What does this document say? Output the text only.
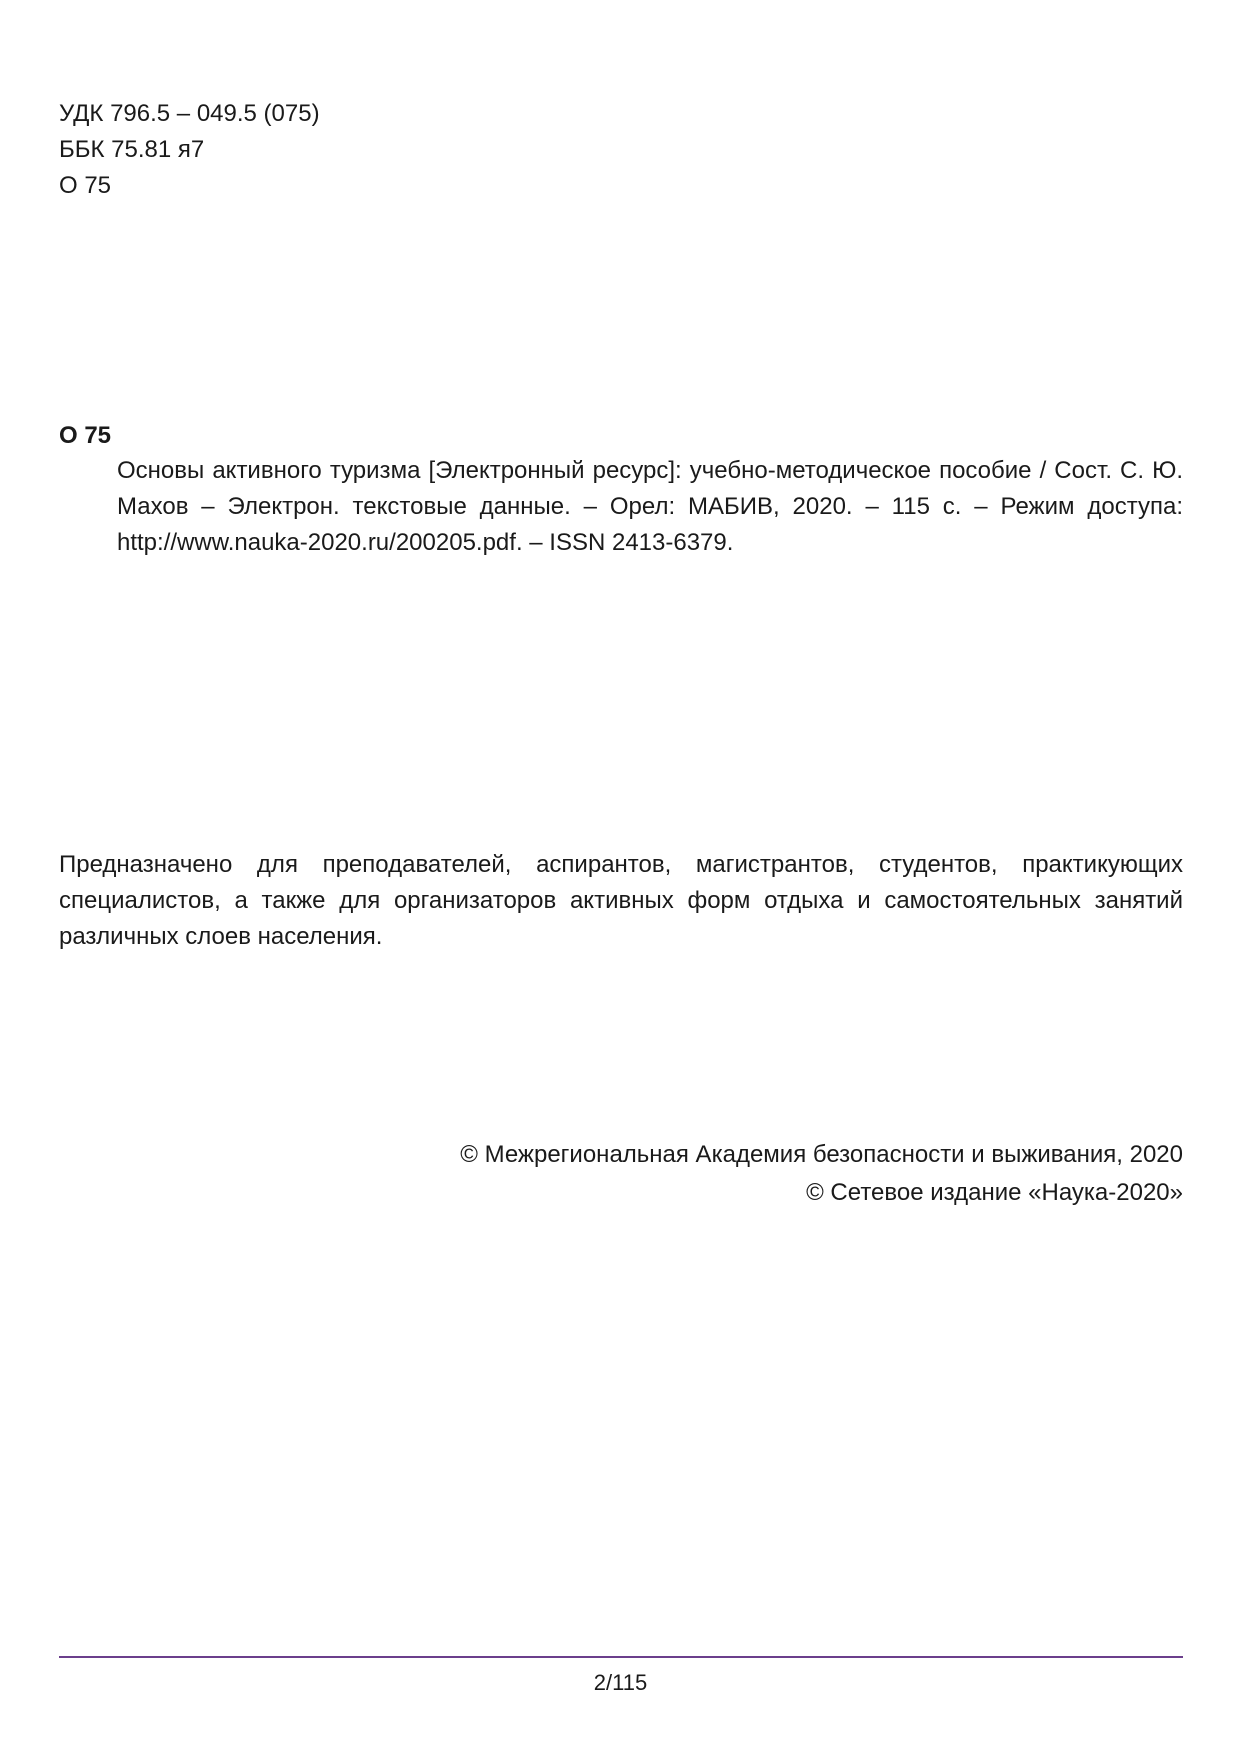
УДК 796.5 – 049.5 (075)
ББК 75.81 я7
О 75
О 75
Основы активного туризма [Электронный ресурс]: учебно-методическое пособие / Сост. С. Ю. Махов – Электрон. текстовые данные. – Орел: МАБИВ, 2020. – 115 с. – Режим доступа: http://www.nauka-2020.ru/200205.pdf. – ISSN 2413-6379.
Предназначено для преподавателей, аспирантов, магистрантов, студентов, практикующих специалистов, а также для организаторов активных форм отдыха и самостоятельных занятий различных слоев населения.
© Межрегиональная Академия безопасности и выживания, 2020
© Сетевое издание «Наука-2020»
2/115
